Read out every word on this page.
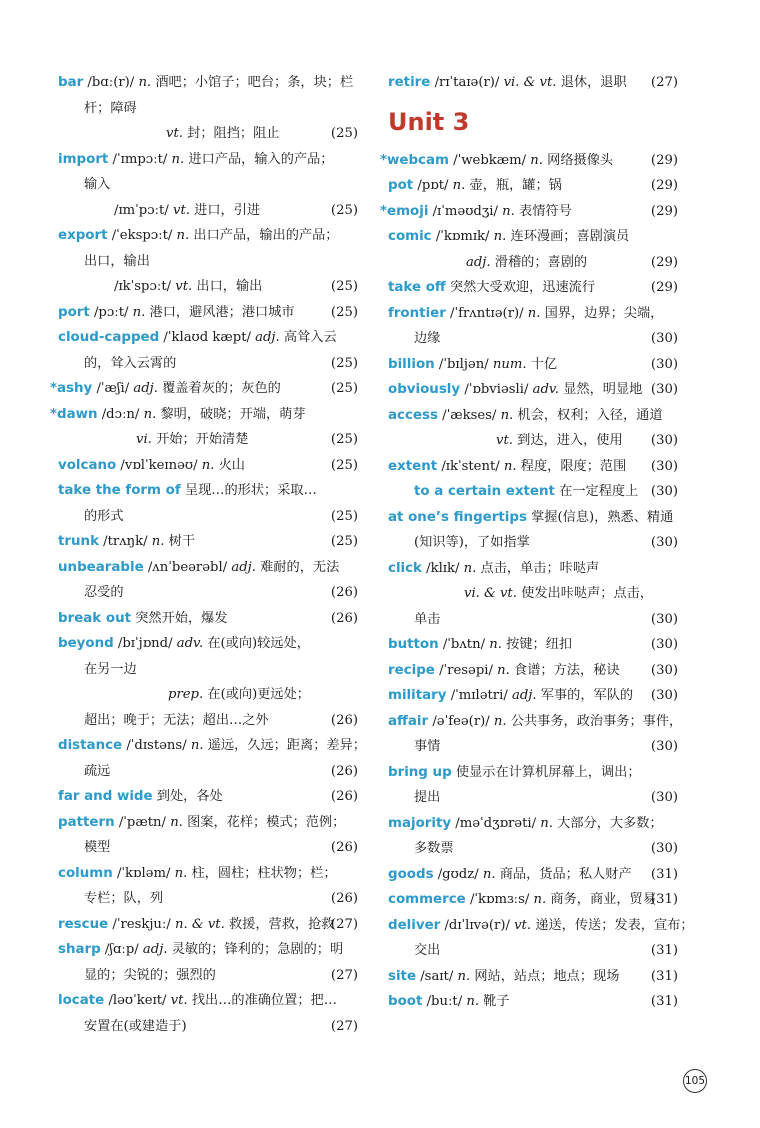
bar /bɑː(r)/ n. 酒吧；小馆子；吧台；条，块；栏
杆；障碍
vt. 封；阻挡；阻止	(25)
import /ˈɪmpɔːt/ n. 进口产品，输入的产品；
输入
/ɪmˈpɔːt/ vt. 进口，引进	(25)
export /ˈekspɔːt/ n. 出口产品，输出的产品；
出口，输出
/ɪkˈspɔːt/ vt. 出口，输出	(25)
port /pɔːt/ n. 港口，避风港；港口城市	(25)
cloud-capped /ˈklaʊd kæpt/ adj. 高耸入云
的，耸入云霄的	(25)
*ashy /ˈæʃi/ adj. 覆盖着灰的；灰色的	(25)
*dawn /dɔːn/ n. 黎明，破晓；开端，萌芽
vi. 开始；开始清楚	(25)
volcano /vɒlˈkeɪnəʊ/ n. 火山	(25)
take the form of 呈现…的形状；采取…
的形式	(25)
trunk /trʌŋk/ n. 树干	(25)
unbearable /ʌnˈbeərəbl/ adj. 难耐的，无法
忍受的	(26)
break out 突然开始，爆发	(26)
beyond /bɪˈjɒnd/ adv. 在(或向)较远处，
在另一边
prep. 在(或向)更远处；
超出；晚于；无法；超出…之外	(26)
distance /ˈdɪstəns/ n. 遥远，久远；距离；差异；
疏远	(26)
far and wide 到处，各处	(26)
pattern /ˈpætn/ n. 图案，花样；模式；范例；
模型	(26)
column /ˈkɒləm/ n. 柱，圆柱；柱状物；栏；
专栏；队，列	(26)
rescue /ˈreskjuː/ n. & vt. 救援，营救，抢救
(27)
sharp /ʃɑːp/ adj. 灵敏的；锋利的；急剧的；明
显的；尖锐的；强烈的	(27)
locate /ləʊˈkeɪt/ vt. 找出…的准确位置；把…
安置在(或建造于)	(27)
retire /rɪˈtaɪə(r)/ vi. & vt. 退休，退职 (27)
Unit 3
*webcam /ˈwebkæm/ n. 网络摄像头	(29)
pot /pɒt/ n. 壶，瓶，罐；锅	(29)
*emoji /ɪˈməʊdʒi/ n. 表情符号	(29)
comic /ˈkɒmɪk/ n. 连环漫画；喜剧演员
adj. 滑稽的；喜剧的	(29)
take off 突然大受欢迎，迅速流行	(29)
frontier /ˈfrʌntɪə(r)/ n. 国界，边界；尖端，
边缘	(30)
billion /ˈbɪljən/ num. 十亿	(30)
obviously /ˈɒbviəsli/ adv. 显然，明显地 (30)
access /ˈækses/ n. 机会，权利；入径，通道
vt. 到达，进入，使用 (30)
extent /ɪkˈstent/ n. 程度，限度；范围 (30)
to a certain extent 在一定程度上 (30)
at one’s fingertips 掌握(信息)，熟悉、精通
(知识等)，了如指掌	(30)
click /klɪk/ n. 点击，单击；咔哒声
vi. & vt. 使发出咔哒声；点击，
单击	(30)
button /ˈbʌtn/ n. 按键；纽扣	(30)
recipe /ˈresəpi/ n. 食谱；方法，秘诀 (30)
military /ˈmɪlətri/ adj. 军事的，军队的 (30)
affair /əˈfeə(r)/ n. 公共事务，政治事务；事件，
事情	(30)
bring up 使显示在计算机屏幕上，调出；
提出	(30)
majority /məˈdʒɒrəti/ n. 大部分，大多数；
多数票	(30)
goods /gʊdz/ n. 商品，货品；私人财产 (31)
commerce /ˈkɒmɜːs/ n. 商务，商业，贸易
(31)
deliver /dɪˈlɪvə(r)/ vt. 递送，传送；发表，宣布；
交出	(31)
site /saɪt/ n. 网站，站点；地点；现场 (31)
boot /buːt/ n. 靴子	(31)
105
